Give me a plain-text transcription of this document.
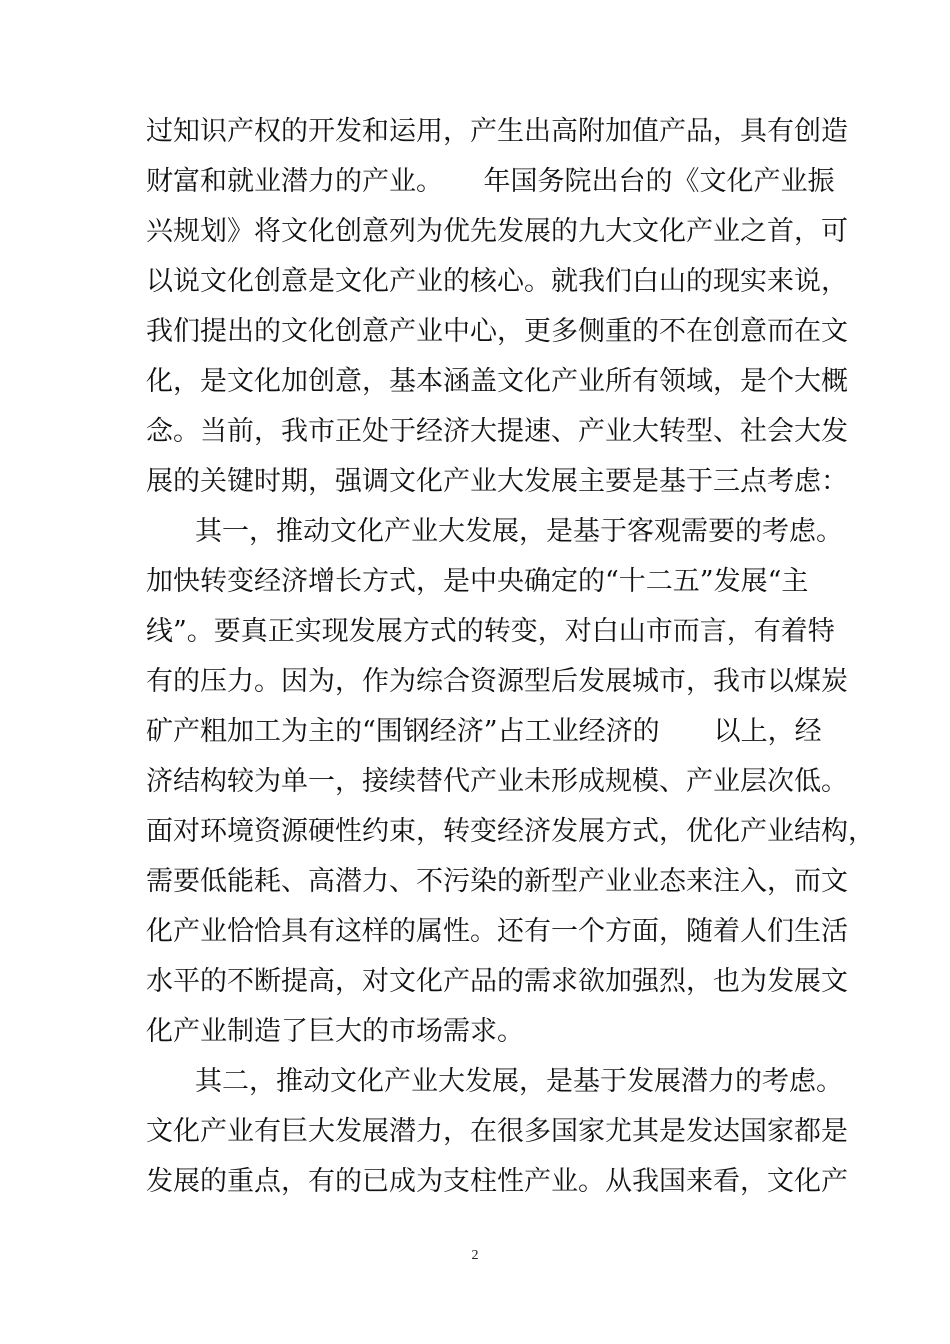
过知识产权的开发和运用，产生出高附加值产品，具有创造
财富和就业潜力的产业。　　年国务院出台的《文化产业振
兴规划》将文化创意列为优先发展的九大文化产业之首，可
以说文化创意是文化产业的核心。就我们白山的现实来说，
我们提出的文化创意产业中心，更多侧重的不在创意而在文
化，是文化加创意，基本涵盖文化产业所有领域，是个大概
念。当前，我市正处于经济大提速、产业大转型、社会大发
展的关键时期，强调文化产业大发展主要是基于三点考虑：
其一，推动文化产业大发展，是基于客观需要的考虑。
加快转变经济增长方式，是中央确定的“十二五”发展“主
线”。要真正实现发展方式的转变，对白山市而言，有着特
有的压力。因为，作为综合资源型后发展城市，我市以煤炭
矿产粗加工为主的“围钢经济”占工业经济的　　以上，经
济结构较为单一，接续替代产业未形成规模、产业层次低。
面对环境资源硬性约束，转变经济发展方式，优化产业结构，
需要低能耗、高潜力、不污染的新型产业业态来注入，而文
化产业恰恰具有这样的属性。还有一个方面，随着人们生活
水平的不断提高，对文化产品的需求欲加强烈，也为发展文
化产业制造了巨大的市场需求。
其二，推动文化产业大发展，是基于发展潜力的考虑。
文化产业有巨大发展潜力，在很多国家尤其是发达国家都是
发展的重点，有的已成为支柱性产业。从我国来看，文化产
2
